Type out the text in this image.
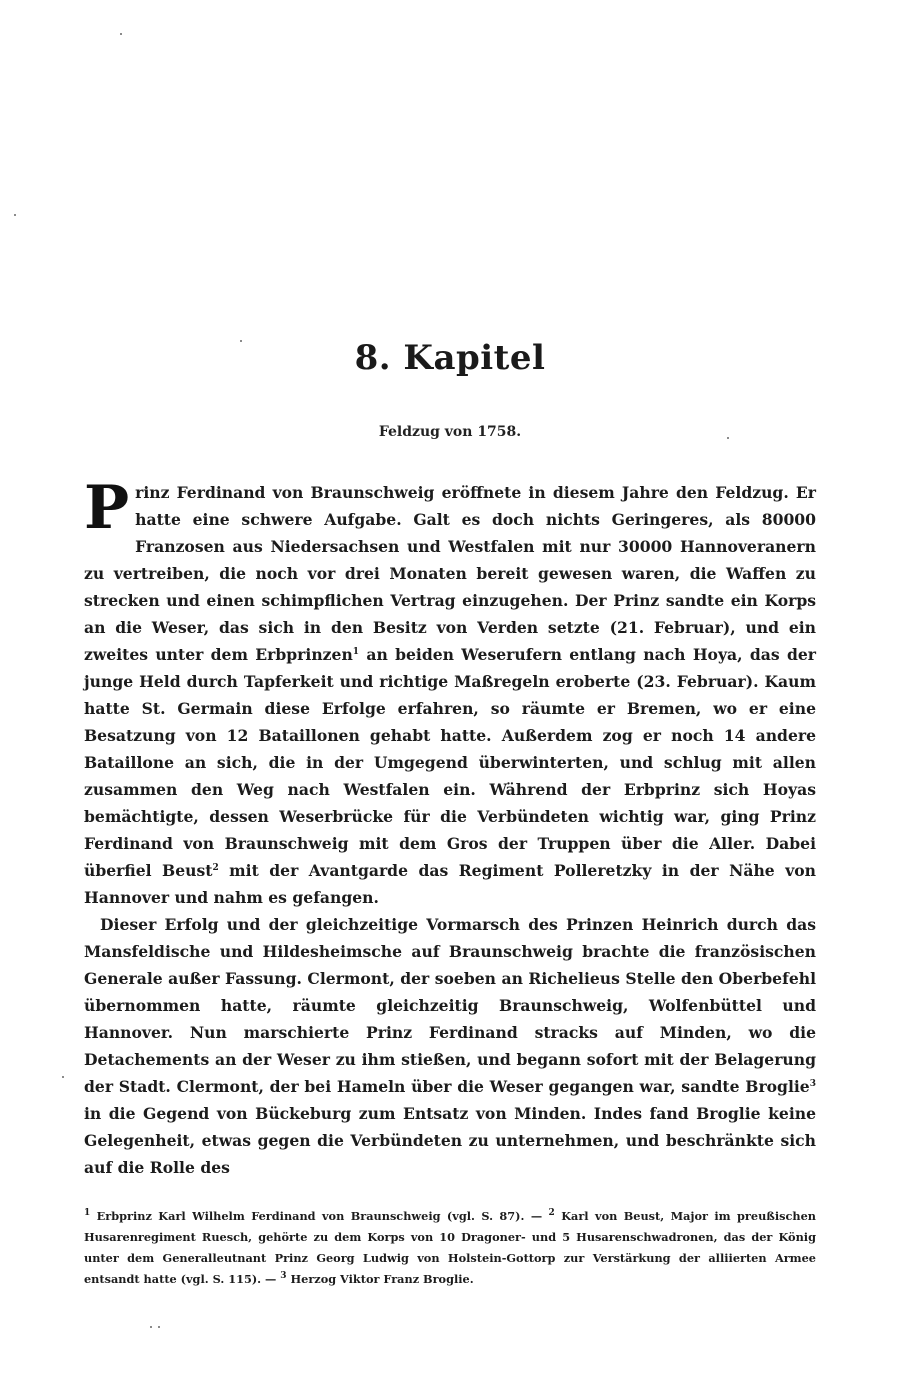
8. Kapitel
Feldzug von 1758.

Prinz Ferdinand von Braunschweig eröffnete in diesem Jahre den Feldzug. Er hatte eine schwere Aufgabe. Galt es doch nichts Geringeres, als 80000 Franzosen aus Niedersachsen und Westfalen mit nur 30000 Hannoveranern zu vertreiben, die noch vor drei Monaten bereit gewesen waren, die Waffen zu strecken und einen schimpflichen Vertrag einzugehen. Der Prinz sandte ein Korps an die Weser, das sich in den Besitz von Verden setzte (21. Februar), und ein zweites unter dem Erbprinzen$^1$ an beiden Weserufern entlang nach Hoya, das der junge Held durch Tapferkeit und richtige Maßregeln eroberte (23. Februar). Kaum hatte St. Germain diese Erfolge erfahren, so räumte er Bremen, wo er eine Besatzung von 12 Bataillonen gehabt hatte. Außerdem zog er noch 14 andere Bataillone an sich, die in der Umgegend überwinterten, und schlug mit allen zusammen den Weg nach Westfalen ein. Während der Erbprinz sich Hoyas bemächtigte, dessen Weserbrücke für die Verbündeten wichtig war, ging Prinz Ferdinand von Braunschweig mit dem Gros der Truppen über die Aller. Dabei überfiel Beust$^2$ mit der Avantgarde das Regiment Polleretzky in der Nähe von Hannover und nahm es gefangen.

Dieser Erfolg und der gleichzeitige Vormarsch des Prinzen Heinrich durch das Mansfeldische und Hildesheimsche auf Braunschweig brachte die französischen Generale außer Fassung. Clermont, der soeben an Richelieus Stelle den Oberbefehl übernommen hatte, räumte gleichzeitig Braunschweig, Wolfenbüttel und Hannover. Nun marschierte Prinz Ferdinand stracks auf Minden, wo die Detachements an der Weser zu ihm stießen, und begann sofort mit der Belagerung der Stadt. Clermont, der bei Hameln über die Weser gegangen war, sandte Broglie$^3$ in die Gegend von Bückeburg zum Entsatz von Minden. Indes fand Broglie keine Gelegenheit, etwas gegen die Verbündeten zu unternehmen, und beschränkte sich auf die Rolle des

$^1$ Erbprinz Karl Wilhelm Ferdinand von Braunschweig (vgl. S. 87). — $^2$ Karl von Beust, Major im preußischen Husarenregiment Ruesch, gehörte zu dem Korps von 10 Dragoner- und 5 Husarenschwadronen, das der König unter dem Generalleutnant Prinz Georg Ludwig von Holstein-Gottorp zur Verstärkung der alliierten Armee entsandt hatte (vgl. S. 115). — $^3$ Herzog Viktor Franz Broglie.
